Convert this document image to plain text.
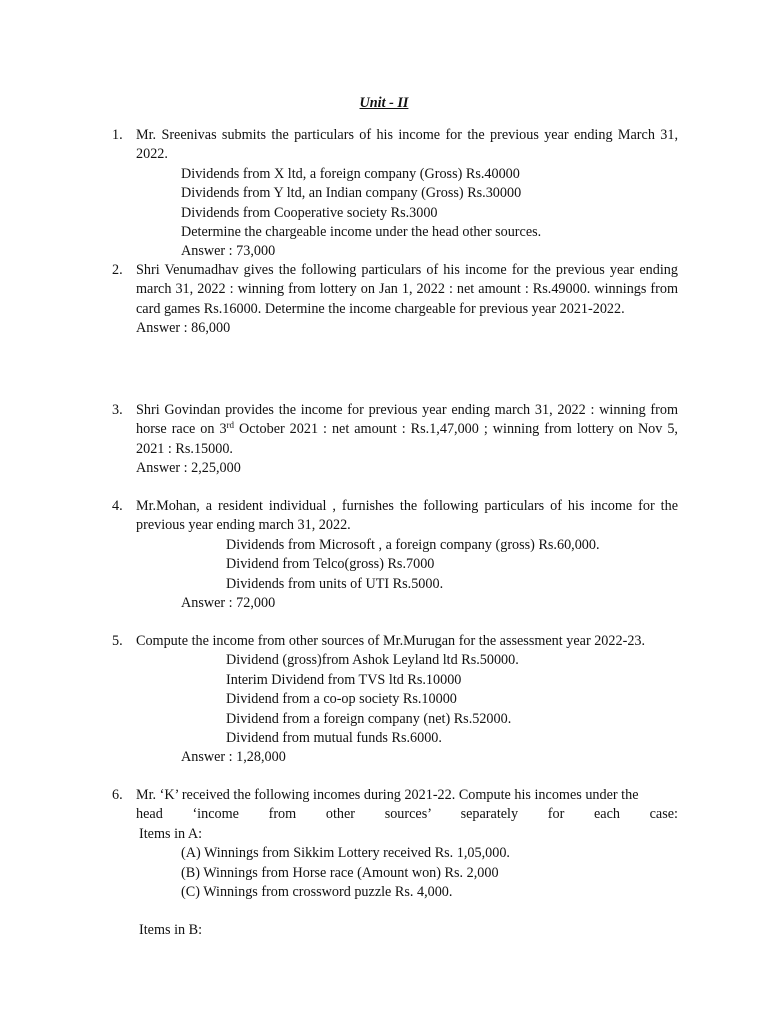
Unit - II
1. Mr. Sreenivas submits the particulars of his income for the previous year ending March 31, 2022.
Dividends from X ltd, a foreign company (Gross) Rs.40000
Dividends from Y ltd, an Indian company (Gross) Rs.30000
Dividends from Cooperative society Rs.3000
Determine the chargeable income under the head other sources.
Answer : 73,000
2. Shri Venumadhav gives the following particulars of his income for the previous year ending march 31, 2022 : winning from lottery on Jan 1, 2022 : net amount : Rs.49000. winnings from card games Rs.16000. Determine the income chargeable for previous year 2021-2022.
Answer : 86,000
3. Shri Govindan provides the income for previous year ending march 31, 2022 : winning from horse race on 3rd October 2021 : net amount : Rs.1,47,000 ; winning from lottery on Nov 5, 2021 : Rs.15000.
Answer : 2,25,000
4. Mr.Mohan, a resident individual , furnishes the following particulars of his income for the previous year ending march 31, 2022.
Dividends from Microsoft , a foreign company (gross) Rs.60,000.
Dividend from Telco(gross) Rs.7000
Dividends from units of UTI Rs.5000.
Answer : 72,000
5. Compute the income from other sources of Mr.Murugan for the assessment year 2022-23.
Dividend (gross)from Ashok Leyland ltd Rs.50000.
Interim Dividend from TVS ltd Rs.10000
Dividend from a co-op society Rs.10000
Dividend from a foreign company (net) Rs.52000.
Dividend from mutual funds Rs.6000.
Answer : 1,28,000
6. Mr. ‘K’ received the following incomes during 2021-22. Compute his incomes under the
head ‘income from other sources’ separately for each case:
Items in A:
(A) Winnings from Sikkim Lottery received Rs. 1,05,000.
(B) Winnings from Horse race (Amount won) Rs. 2,000
(C) Winnings from crossword puzzle Rs. 4,000.
Items in B:
